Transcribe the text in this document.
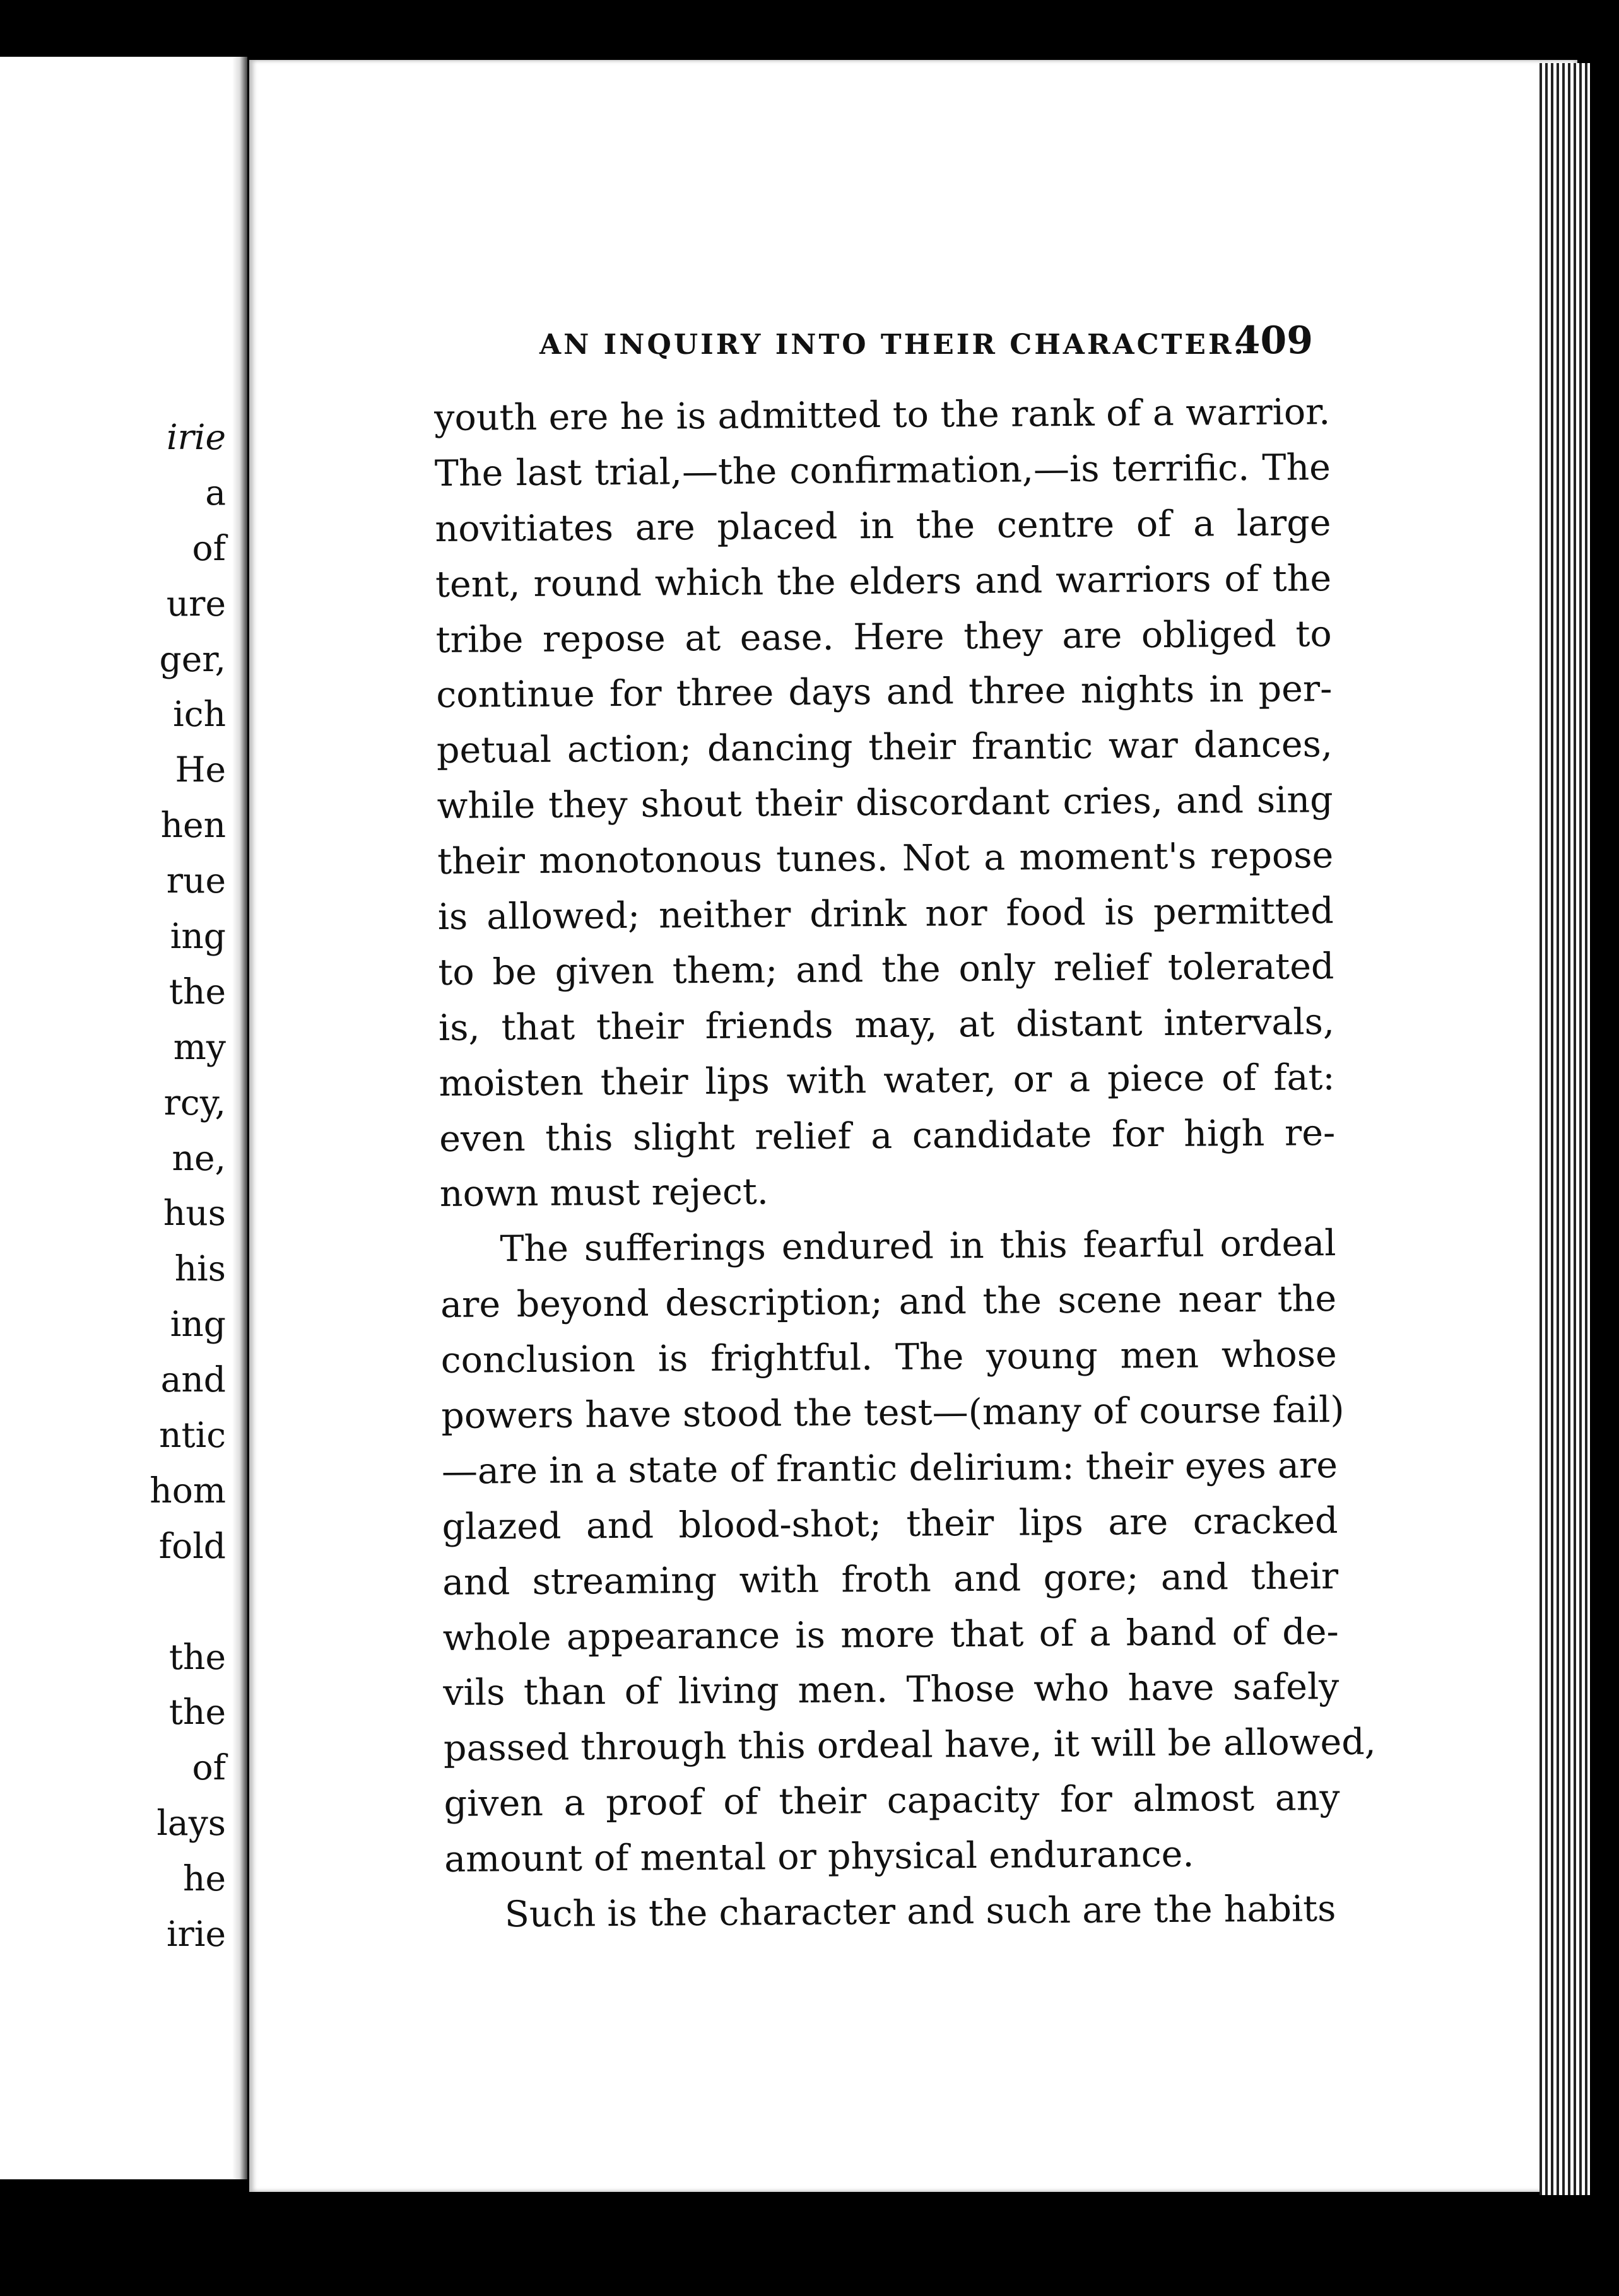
irie
a
of
ure
ger,
ich
He
hen
rue
ing
the
my
rcy,
ne,
hus
his
ing
and
ntic
hom
fold
the
the
of
lays
he
irie
AN INQUIRY INTO THEIR CHARACTER.
409
youth ere he is admitted to the rank of a warrior.
The last trial,—the confirmation,—is terrific. The
novitiates are placed in the centre of a large
tent, round which the elders and warriors of the
tribe repose at ease. Here they are obliged to
continue for three days and three nights in per-
petual action; dancing their frantic war dances,
while they shout their discordant cries, and sing
their monotonous tunes. Not a moment's repose
is allowed; neither drink nor food is permitted
to be given them; and the only relief tolerated
is, that their friends may, at distant intervals,
moisten their lips with water, or a piece of fat:
even this slight relief a candidate for high re-
nown must reject.
The sufferings endured in this fearful ordeal
are beyond description; and the scene near the
conclusion is frightful. The young men whose
powers have stood the test—(many of course fail)
—are in a state of frantic delirium: their eyes are
glazed and blood-shot; their lips are cracked
and streaming with froth and gore; and their
whole appearance is more that of a band of de-
vils than of living men. Those who have safely
passed through this ordeal have, it will be allowed,
given a proof of their capacity for almost any
amount of mental or physical endurance.
Such is the character and such are the habits
